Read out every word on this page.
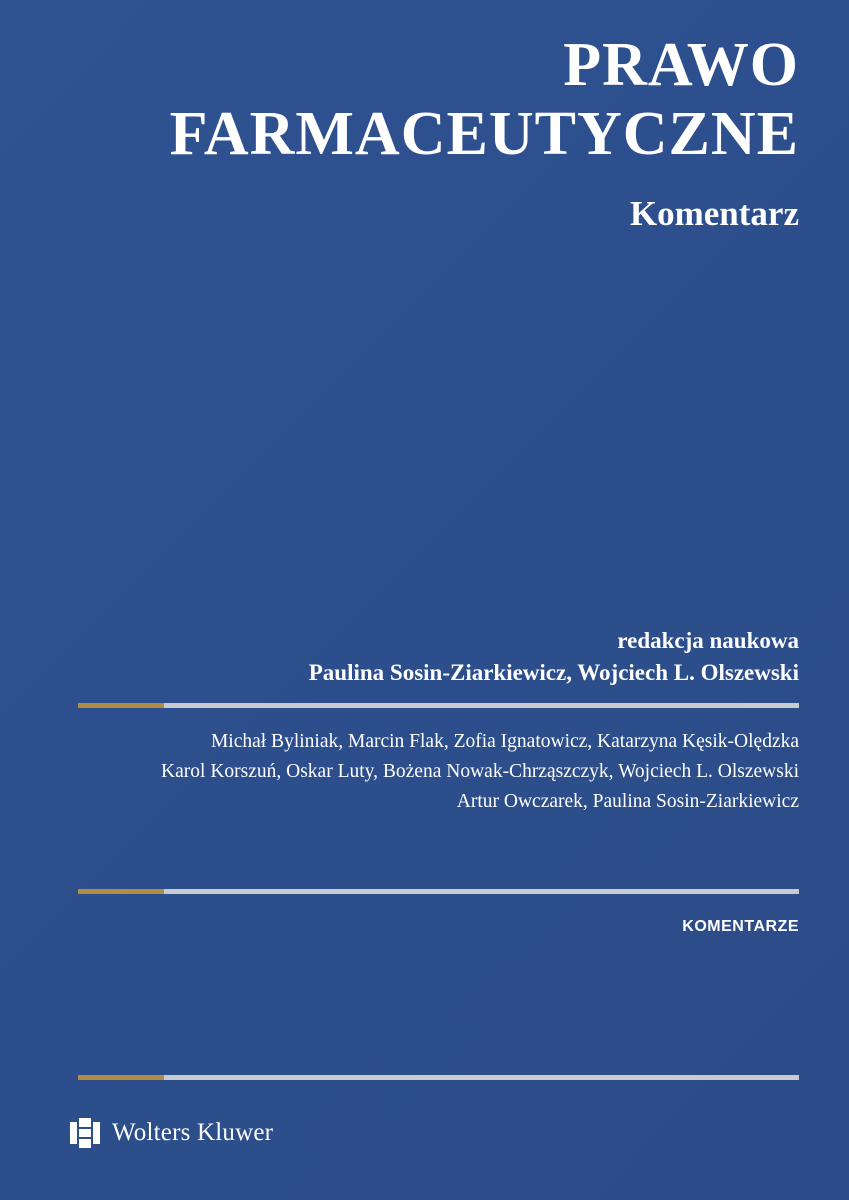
PRAWO
FARMACEUTYCZNE
Komentarz
redakcja naukowa
Paulina Sosin-Ziarkiewicz, Wojciech L. Olszewski
Michał Byliniak, Marcin Flak, Zofia Ignatowicz, Katarzyna Kęsik-Olędzka
Karol Korszuń, Oskar Luty, Bożena Nowak-Chrząszczyk, Wojciech L. Olszewski
Artur Owczarek, Paulina Sosin-Ziarkiewicz
KOMENTARZE
Wolters Kluwer
